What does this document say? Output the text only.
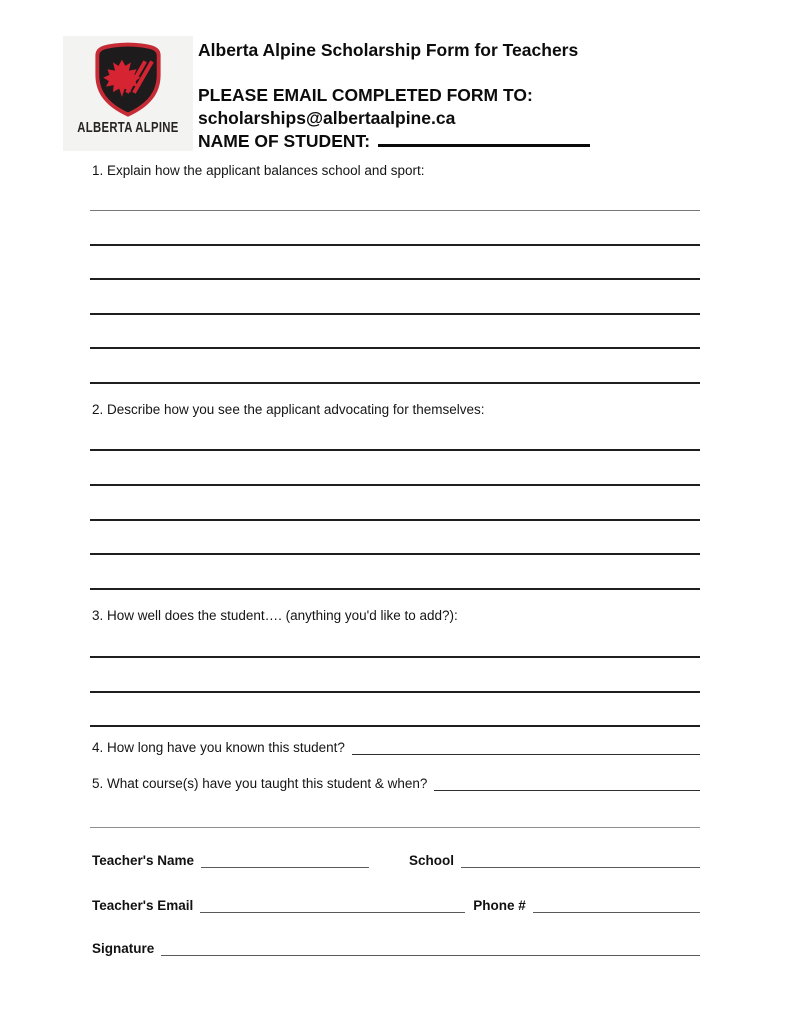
ALBERTA ALPINE
Alberta Alpine Scholarship Form for Teachers
PLEASE EMAIL COMPLETED FORM TO:
scholarships@albertaalpine.ca
NAME OF STUDENT:
1. Explain how the applicant balances school and sport:
2. Describe how you see the applicant advocating for themselves:
3. How well does the student…. (anything you'd like to add?):
4. How long have you known this student?
5. What course(s) have you taught this student & when?
Teacher's Name	School
Teacher's Email	Phone #
Signature
